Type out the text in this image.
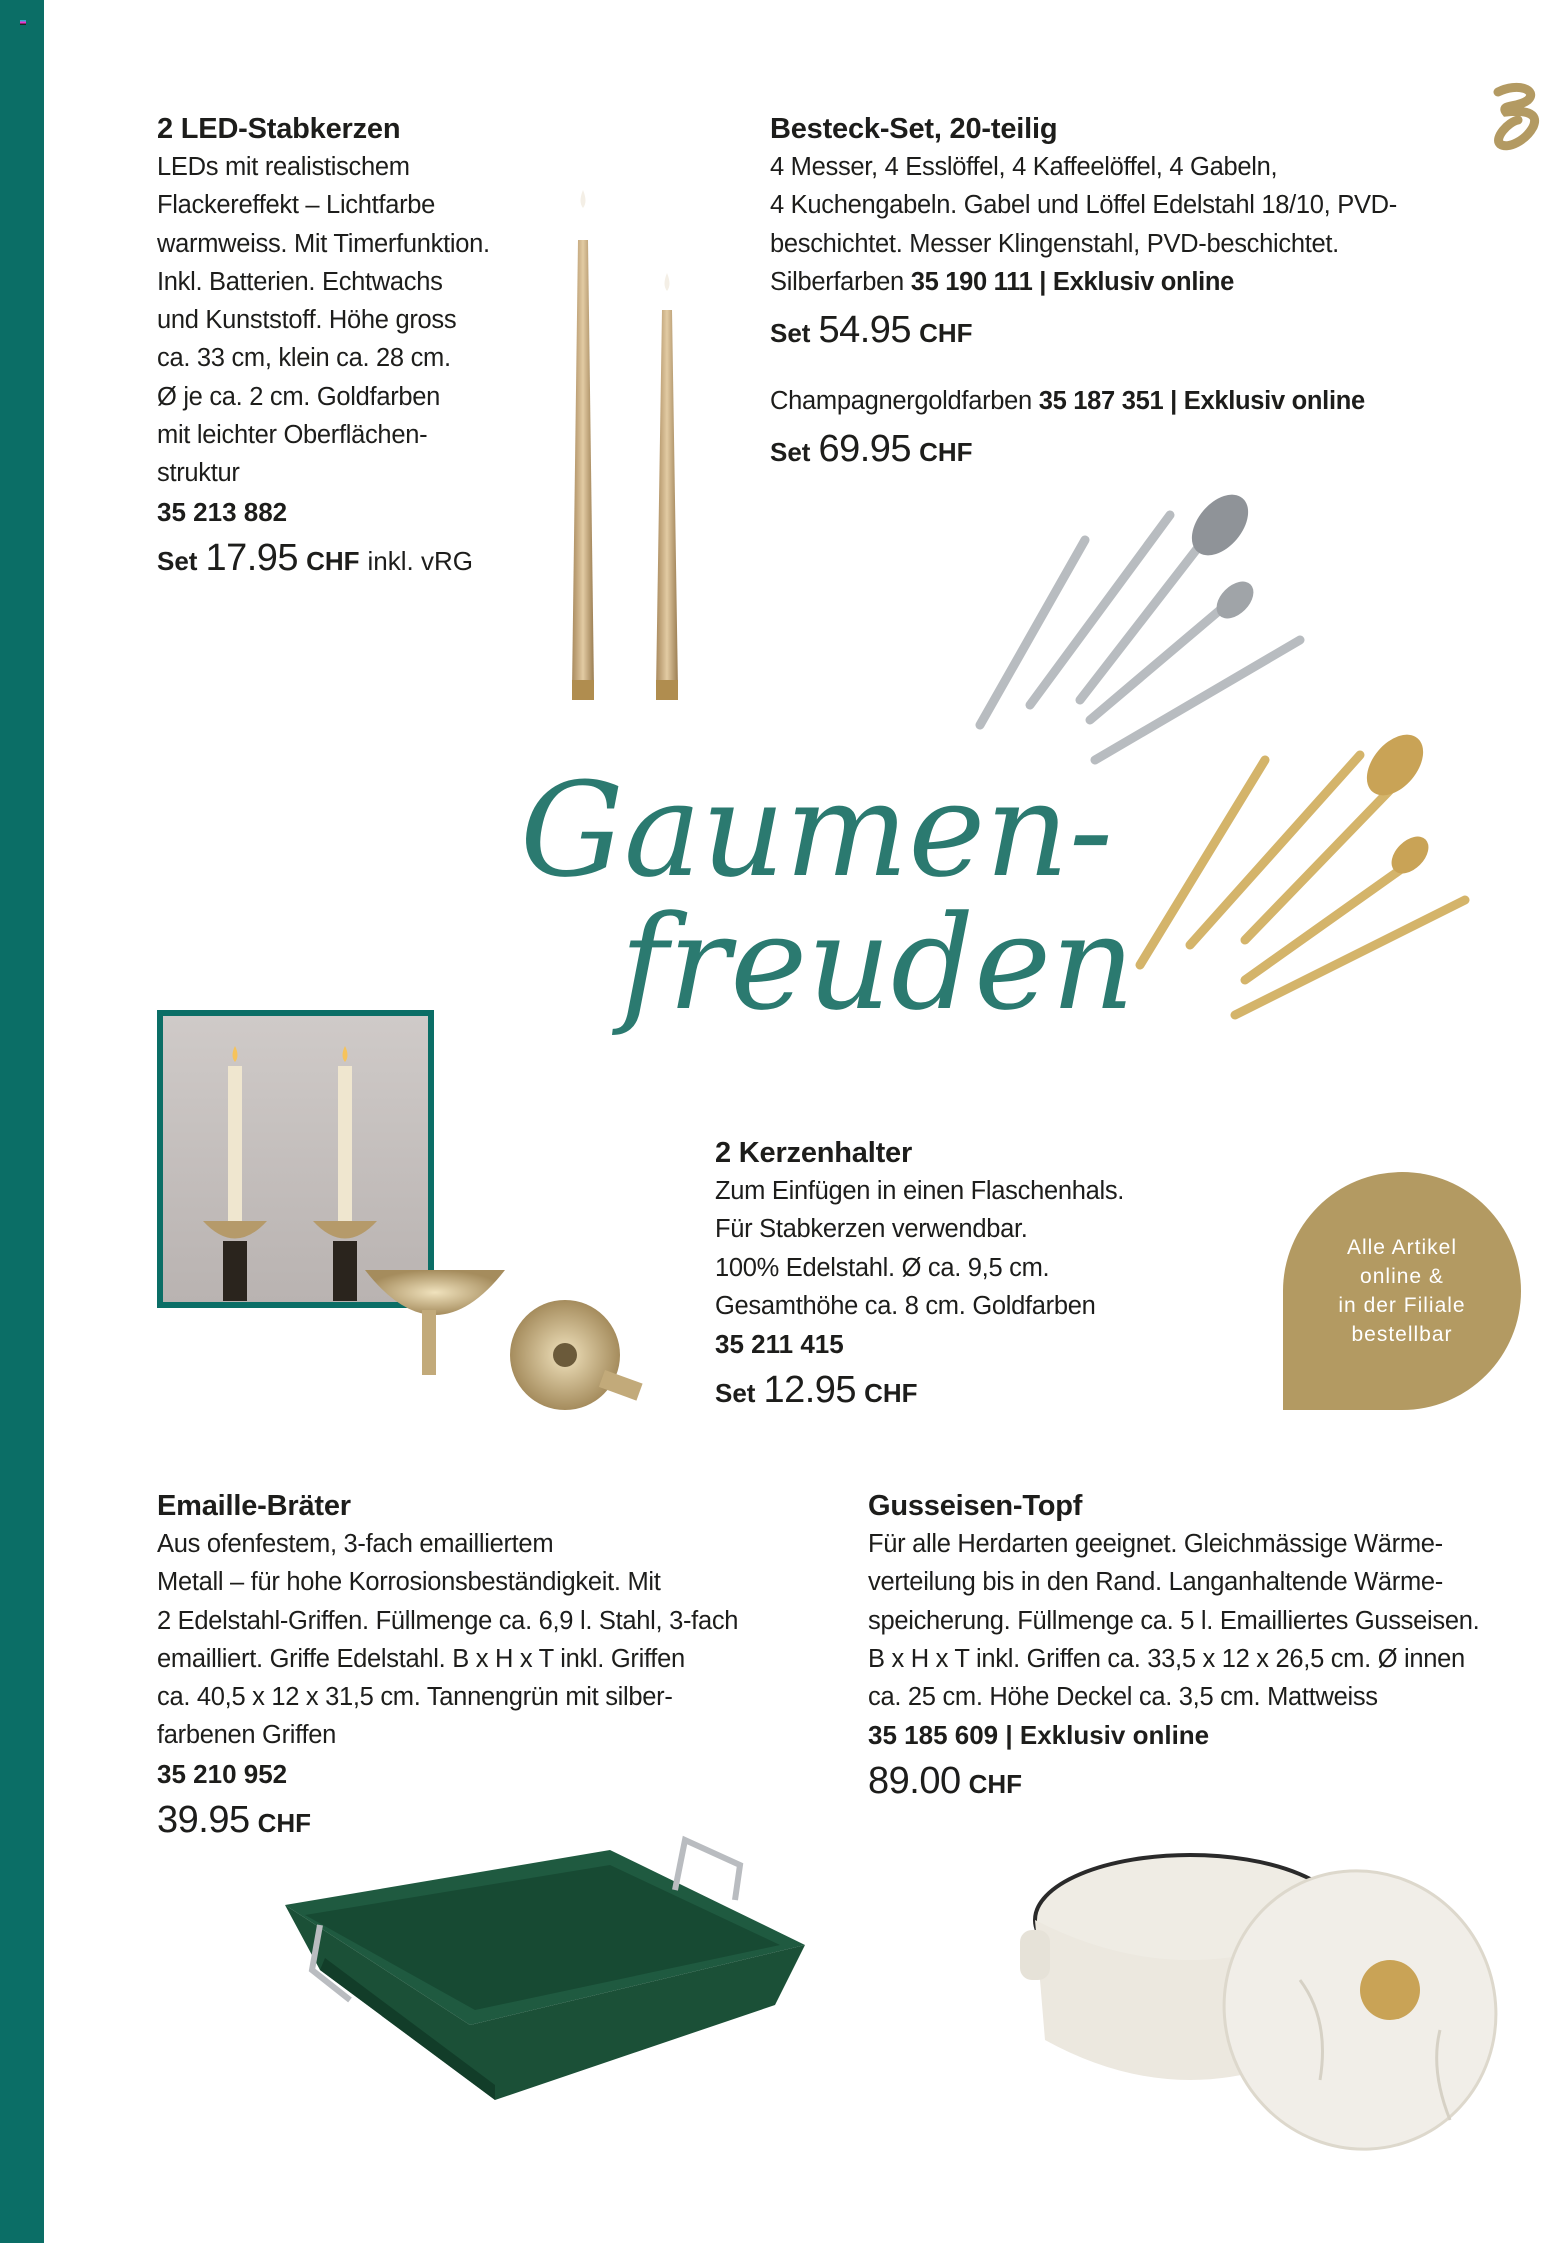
2 LED-Stabkerzen
LEDs mit realistischem
Flackereffekt – Lichtfarbe
warmweiss. Mit Timerfunktion.
Inkl. Batterien. Echtwachs
und Kunststoff. Höhe gross
ca. 33 cm, klein ca. 28 cm.
Ø je ca. 2 cm. Goldfarben
mit leichter Oberflächen-
struktur
35 213 882
Set 17.95 CHF inkl. vRG
Besteck-Set, 20-teilig
4 Messer, 4 Esslöffel, 4 Kaffeelöffel, 4 Gabeln,
4 Kuchengabeln. Gabel und Löffel Edelstahl 18/10, PVD-
beschichtet. Messer Klingenstahl, PVD-beschichtet.
Silberfarben 35 190 111 | Exklusiv online
Set 54.95 CHF
Champagnergoldfarben 35 187 351 | Exklusiv online
Set 69.95 CHF
Gaumen-
freuden
2 Kerzenhalter
Zum Einfügen in einen Flaschenhals.
Für Stabkerzen verwendbar.
100% Edelstahl. Ø ca. 9,5 cm.
Gesamthöhe ca. 8 cm. Goldfarben
35 211 415
Set 12.95 CHF
Alle Artikel
online &
in der Filiale
bestellbar
Emaille-Bräter
Aus ofenfestem, 3-fach emailliertem
Metall – für hohe Korrosionsbeständigkeit. Mit
2 Edelstahl-Griffen. Füllmenge ca. 6,9 l. Stahl, 3-fach
emailliert. Griffe Edelstahl. B x H x T inkl. Griffen
ca. 40,5 x 12 x 31,5 cm. Tannengrün mit silber-
farbenen Griffen
35 210 952
39.95 CHF
Gusseisen-Topf
Für alle Herdarten geeignet. Gleichmässige Wärme-
verteilung bis in den Rand. Langanhaltende Wärme-
speicherung. Füllmenge ca. 5 l. Emailliertes Gusseisen.
B x H x T inkl. Griffen ca. 33,5 x 12 x 26,5 cm. Ø innen
ca. 25 cm. Höhe Deckel ca. 3,5 cm. Mattweiss
35 185 609 | Exklusiv online
89.00 CHF
